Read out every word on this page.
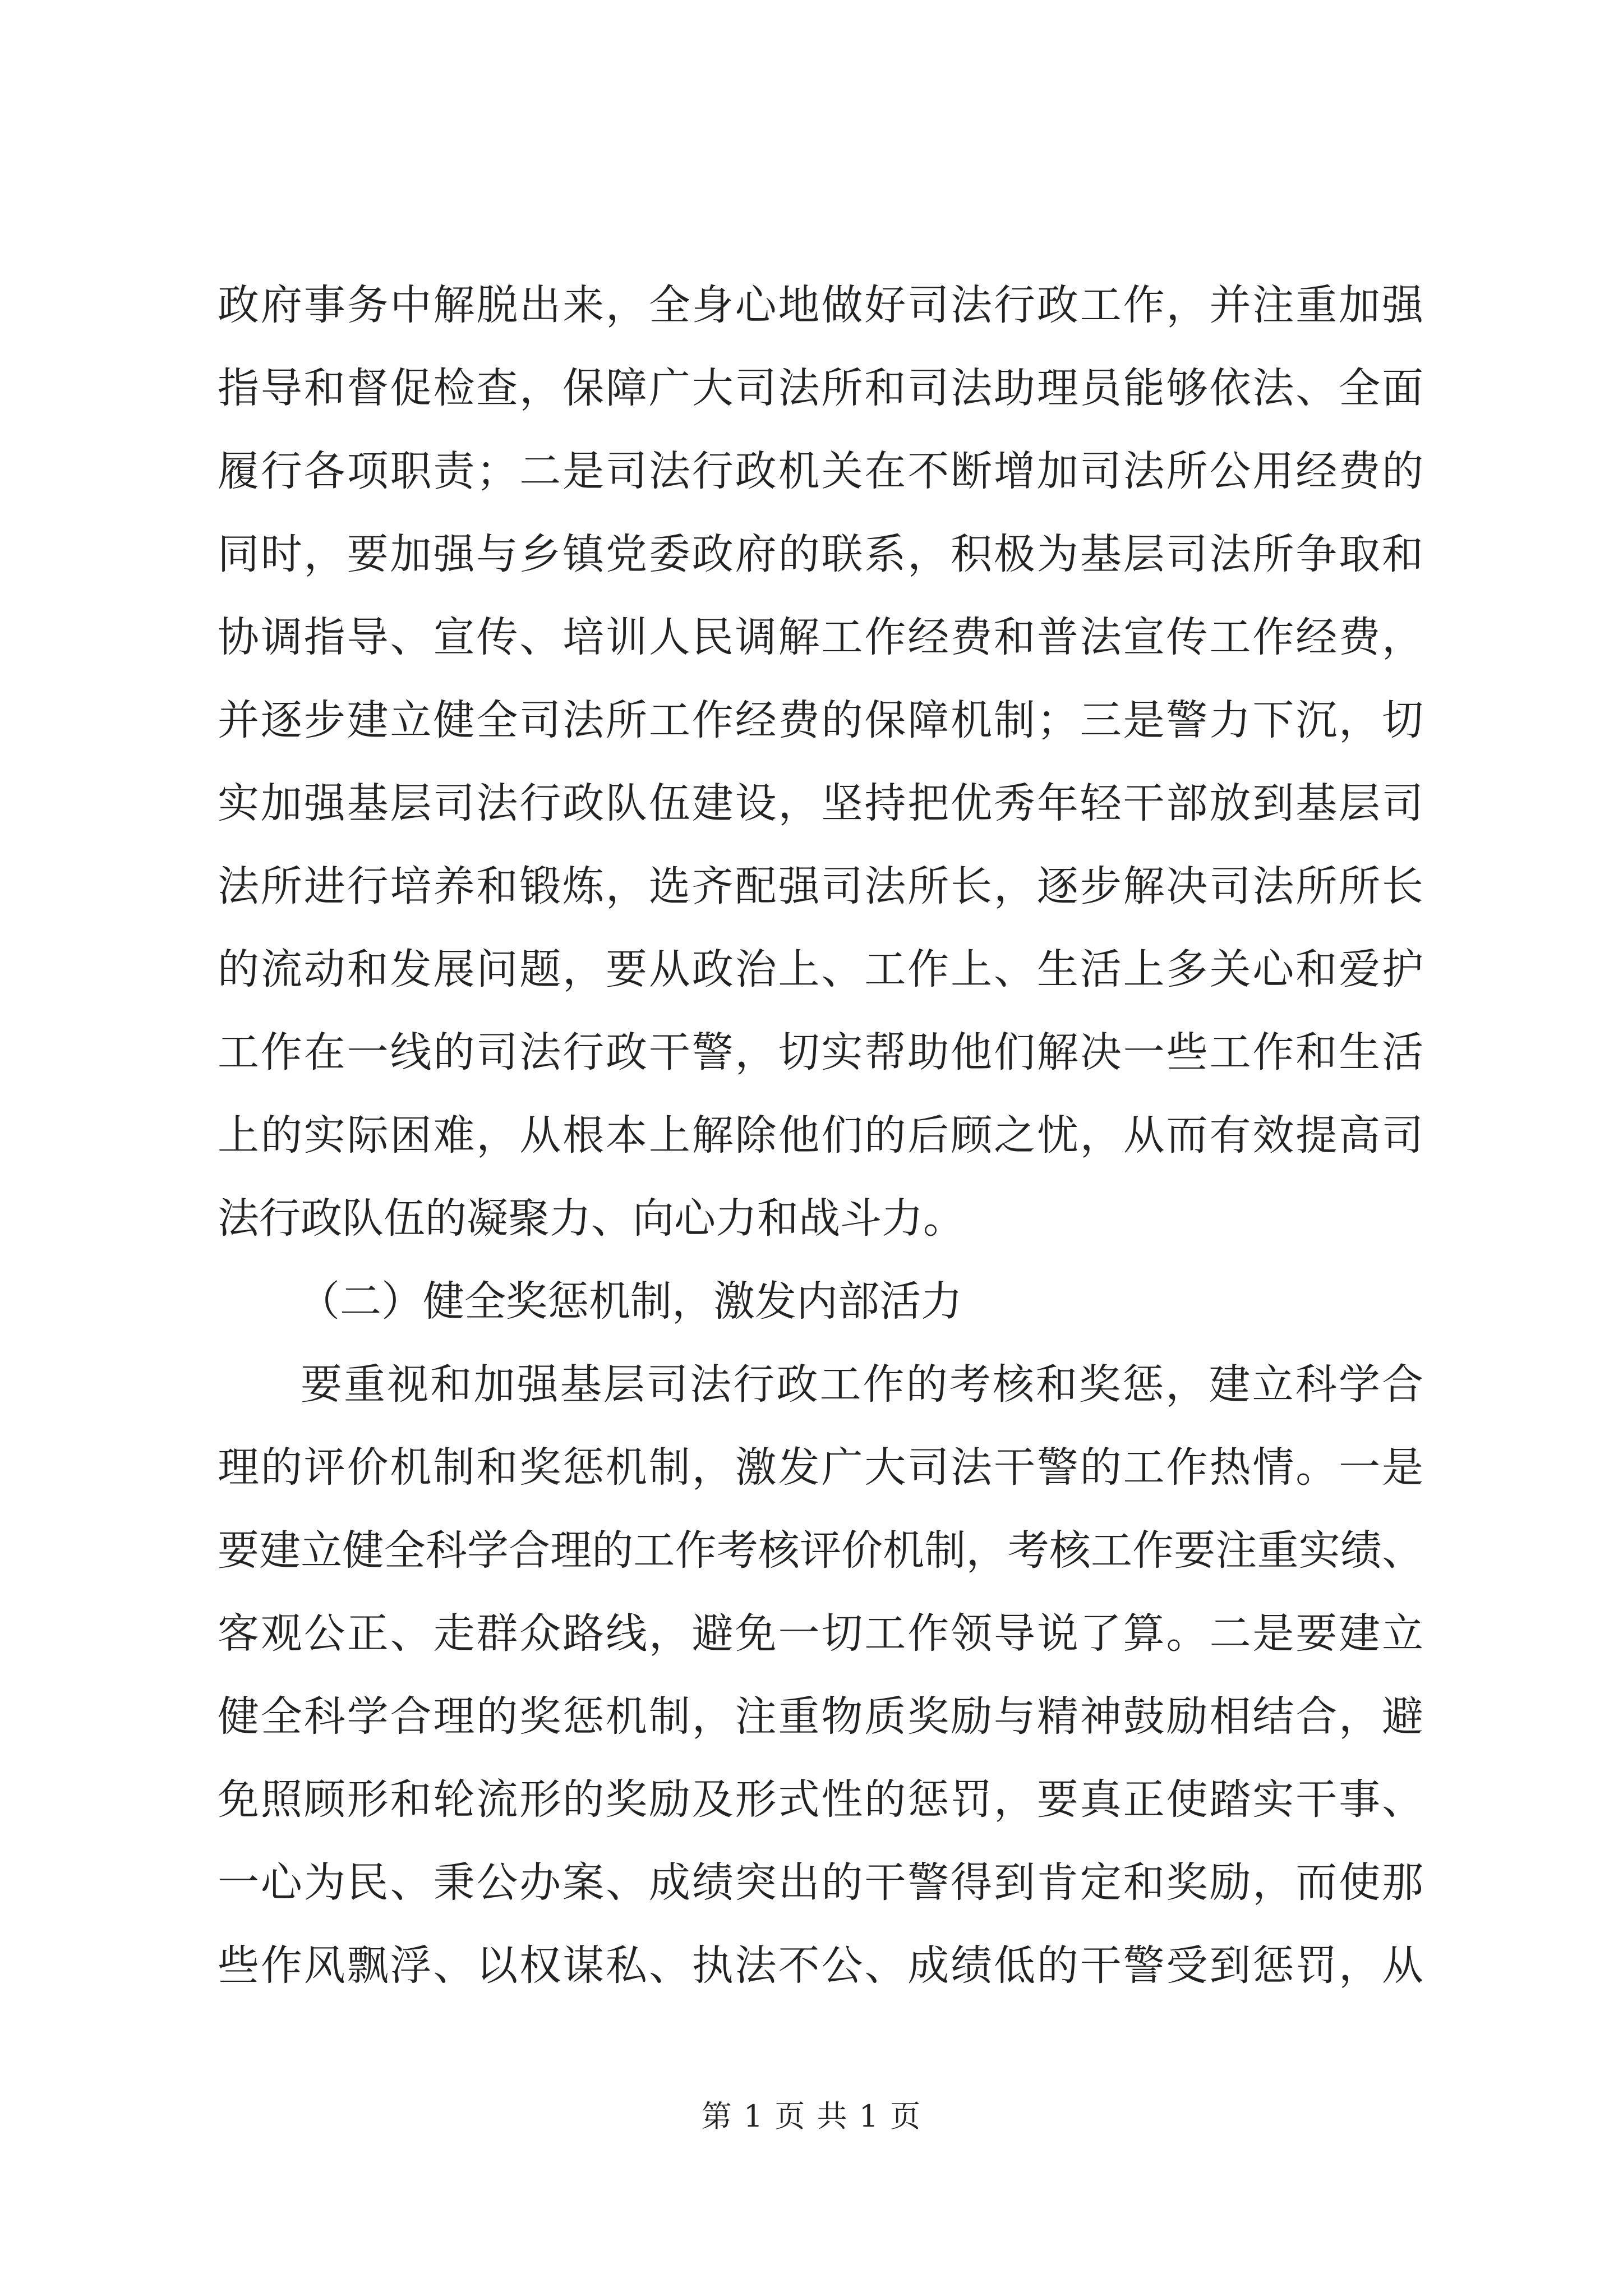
政府事务中解脱出来，全身心地做好司法行政工作，并注重加强
指导和督促检查，保障广大司法所和司法助理员能够依法、全面
履行各项职责；二是司法行政机关在不断增加司法所公用经费的
同时，要加强与乡镇党委政府的联系，积极为基层司法所争取和
协调指导、宣传、培训人民调解工作经费和普法宣传工作经费，
并逐步建立健全司法所工作经费的保障机制；三是警力下沉，切
实加强基层司法行政队伍建设，坚持把优秀年轻干部放到基层司
法所进行培养和锻炼，选齐配强司法所长，逐步解决司法所所长
的流动和发展问题，要从政治上、工作上、生活上多关心和爱护
工作在一线的司法行政干警，切实帮助他们解决一些工作和生活
上的实际困难，从根本上解除他们的后顾之忧，从而有效提高司
法行政队伍的凝聚力、向心力和战斗力。
（二）健全奖惩机制，激发内部活力
要重视和加强基层司法行政工作的考核和奖惩，建立科学合
理的评价机制和奖惩机制，激发广大司法干警的工作热情。一是
要建立健全科学合理的工作考核评价机制，考核工作要注重实绩、
客观公正、走群众路线，避免一切工作领导说了算。二是要建立
健全科学合理的奖惩机制，注重物质奖励与精神鼓励相结合，避
免照顾形和轮流形的奖励及形式性的惩罚，要真正使踏实干事、
一心为民、秉公办案、成绩突出的干警得到肯定和奖励，而使那
些作风飘浮、以权谋私、执法不公、成绩低的干警受到惩罚，从
第 1 页 共 1 页
